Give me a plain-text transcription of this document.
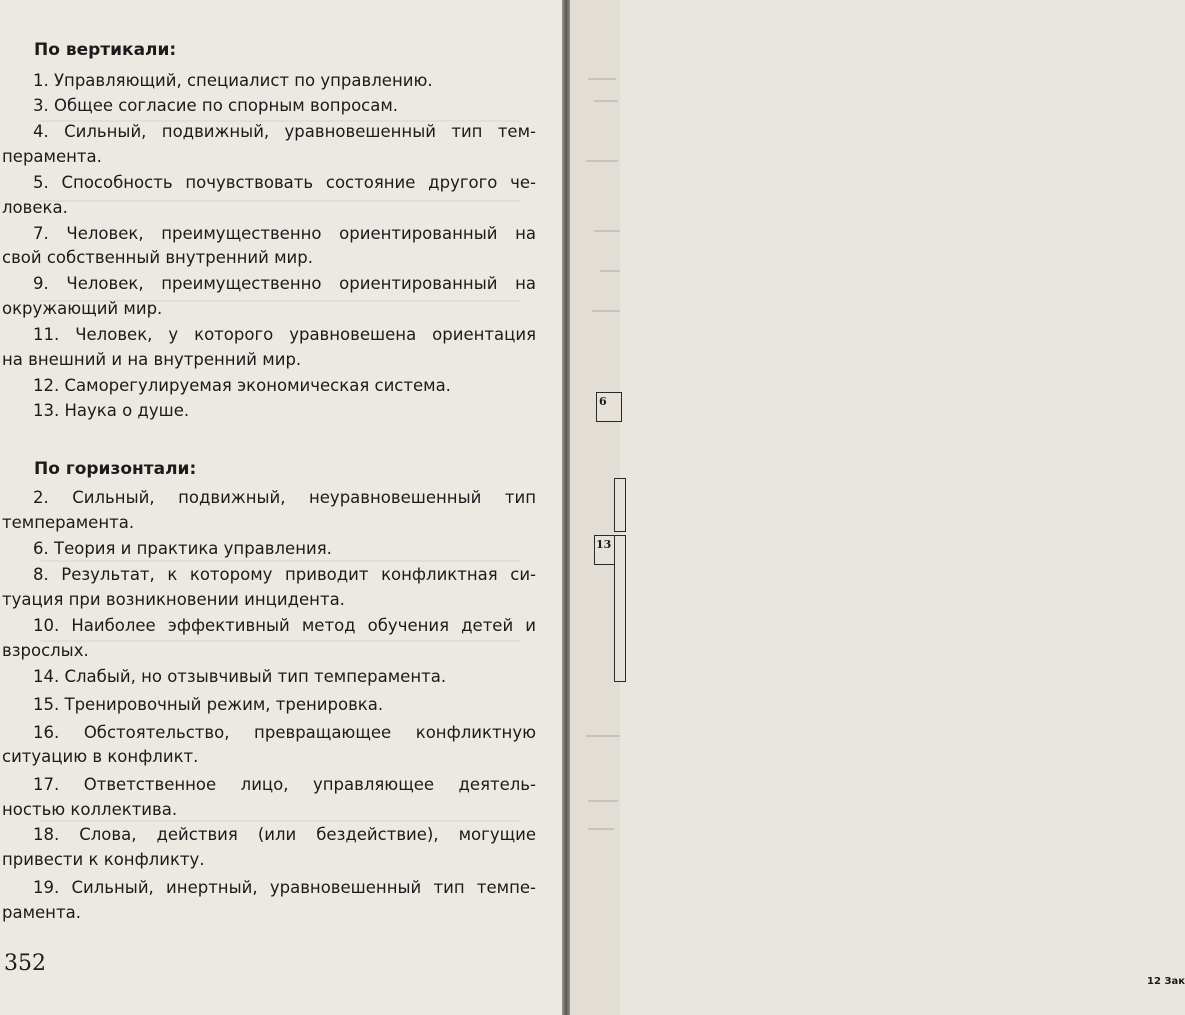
По вертикали:
1. Управляющий, специалист по управлению.
3. Общее согласие по спорным вопросам.
4. Сильный, подвижный, уравновешенный тип тем-
перамента.
5. Способность почувствовать состояние другого че-
ловека.
7. Человек, преимущественно ориентированный на
свой собственный внутренний мир.
9. Человек, преимущественно ориентированный на
окружающий мир.
11. Человек, у которого уравновешена ориентация
на внешний и на внутренний мир.
12. Саморегулируемая экономическая система.
13. Наука о душе.
По горизонтали:
2. Сильный, подвижный, неуравновешенный тип
темперамента.
6. Теория и практика управления.
8. Результат, к которому приводит конфликтная си-
туация при возникновении инцидента.
10. Наиболее эффективный метод обучения детей и
взрослых.
14. Слабый, но отзывчивый тип темперамента.
15. Тренировочный режим, тренировка.
16. Обстоятельство, превращающее конфликтную
ситуацию в конфликт.
17. Ответственное лицо, управляющее деятель-
ностью коллектива.
18. Слова, действия (или бездействие), могущие
привести к конфликту.
19. Сильный, инертный, уравновешенный тип темпе-
рамента.
352
6
13
12 Зак
